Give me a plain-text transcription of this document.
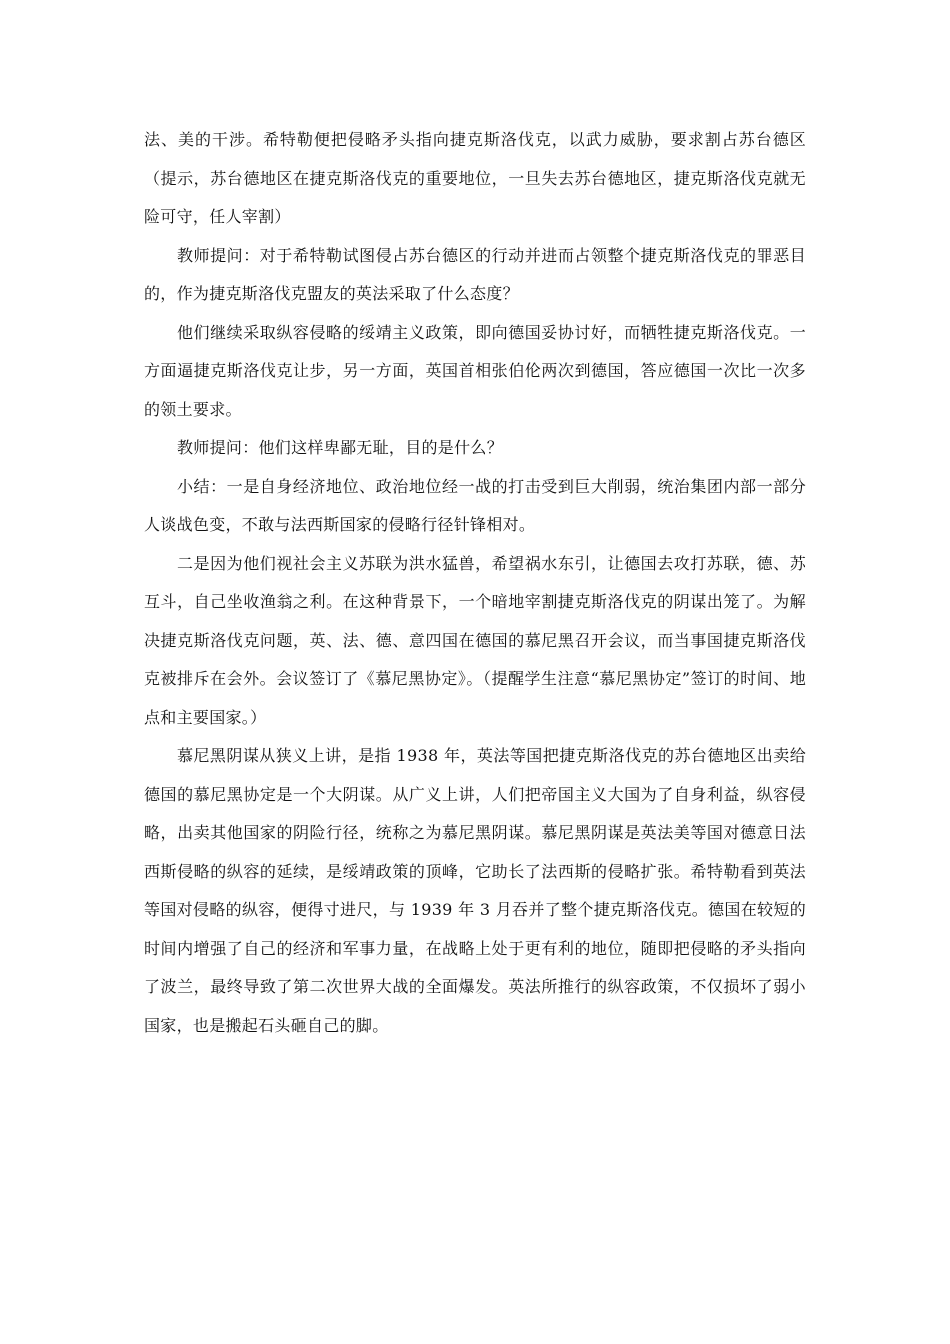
法、美的干涉。希特勒便把侵略矛头指向捷克斯洛伐克，以武力威胁，要求割占苏台德区（提示，苏台德地区在捷克斯洛伐克的重要地位，一旦失去苏台德地区，捷克斯洛伐克就无险可守，任人宰割）

教师提问：对于希特勒试图侵占苏台德区的行动并进而占领整个捷克斯洛伐克的罪恶目的，作为捷克斯洛伐克盟友的英法采取了什么态度？

他们继续采取纵容侵略的绥靖主义政策，即向德国妥协讨好，而牺牲捷克斯洛伐克。一方面逼捷克斯洛伐克让步，另一方面，英国首相张伯伦两次到德国，答应德国一次比一次多的领土要求。

教师提问：他们这样卑鄙无耻，目的是什么？

小结：一是自身经济地位、政治地位经一战的打击受到巨大削弱，统治集团内部一部分人谈战色变，不敢与法西斯国家的侵略行径针锋相对。

二是因为他们视社会主义苏联为洪水猛兽，希望祸水东引，让德国去攻打苏联，德、苏互斗，自己坐收渔翁之利。在这种背景下，一个暗地宰割捷克斯洛伐克的阴谋出笼了。为解决捷克斯洛伐克问题，英、法、德、意四国在德国的慕尼黑召开会议，而当事国捷克斯洛伐克被排斥在会外。会议签订了《慕尼黑协定》。（提醒学生注意“慕尼黑协定”签订的时间、地点和主要国家。）

慕尼黑阴谋从狭义上讲，是指 1938 年，英法等国把捷克斯洛伐克的苏台德地区出卖给德国的慕尼黑协定是一个大阴谋。从广义上讲，人们把帝国主义大国为了自身利益，纵容侵略，出卖其他国家的阴险行径，统称之为慕尼黑阴谋。慕尼黑阴谋是英法美等国对德意日法西斯侵略的纵容的延续，是绥靖政策的顶峰，它助长了法西斯的侵略扩张。希特勒看到英法等国对侵略的纵容，便得寸进尺，与 1939 年 3 月吞并了整个捷克斯洛伐克。德国在较短的时间内增强了自己的经济和军事力量，在战略上处于更有利的地位，随即把侵略的矛头指向了波兰，最终导致了第二次世界大战的全面爆发。英法所推行的纵容政策，不仅损坏了弱小国家，也是搬起石头砸自己的脚。
